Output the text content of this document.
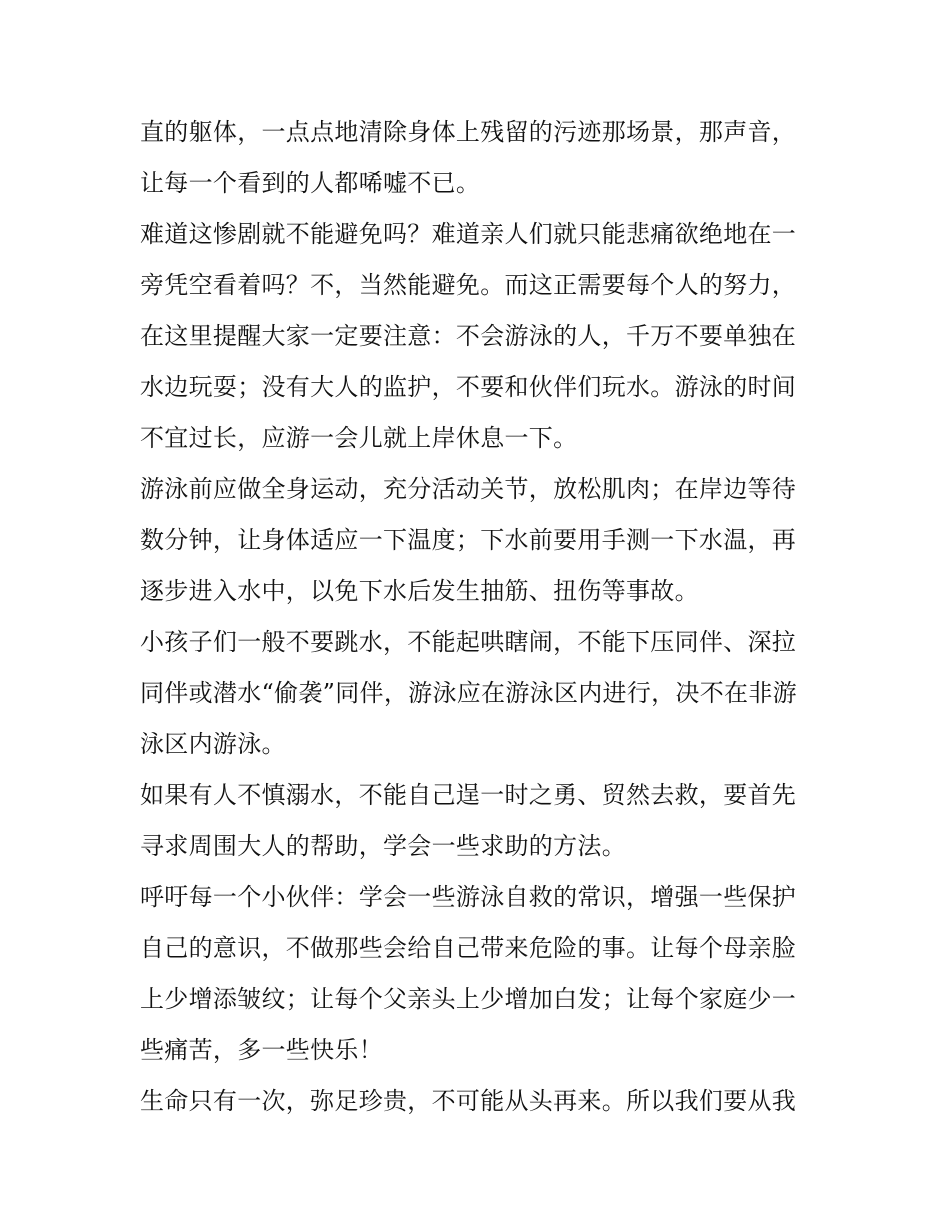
直的躯体，一点点地清除身体上残留的污迹那场景，那声音，
让每一个看到的人都唏嘘不已。
难道这惨剧就不能避免吗？难道亲人们就只能悲痛欲绝地在一
旁凭空看着吗？不，当然能避免。而这正需要每个人的努力，
在这里提醒大家一定要注意：不会游泳的人，千万不要单独在
水边玩耍；没有大人的监护，不要和伙伴们玩水。游泳的时间
不宜过长，应游一会儿就上岸休息一下。
游泳前应做全身运动，充分活动关节，放松肌肉；在岸边等待
数分钟，让身体适应一下温度；下水前要用手测一下水温，再
逐步进入水中，以免下水后发生抽筋、扭伤等事故。
小孩子们一般不要跳水，不能起哄瞎闹，不能下压同伴、深拉
同伴或潜水“偷袭”同伴，游泳应在游泳区内进行，决不在非游
泳区内游泳。
如果有人不慎溺水，不能自己逞一时之勇、贸然去救，要首先
寻求周围大人的帮助，学会一些求助的方法。
呼吁每一个小伙伴：学会一些游泳自救的常识，增强一些保护
自己的意识，不做那些会给自己带来危险的事。让每个母亲脸
上少增添皱纹；让每个父亲头上少增加白发；让每个家庭少一
些痛苦，多一些快乐！
生命只有一次，弥足珍贵，不可能从头再来。所以我们要从我
